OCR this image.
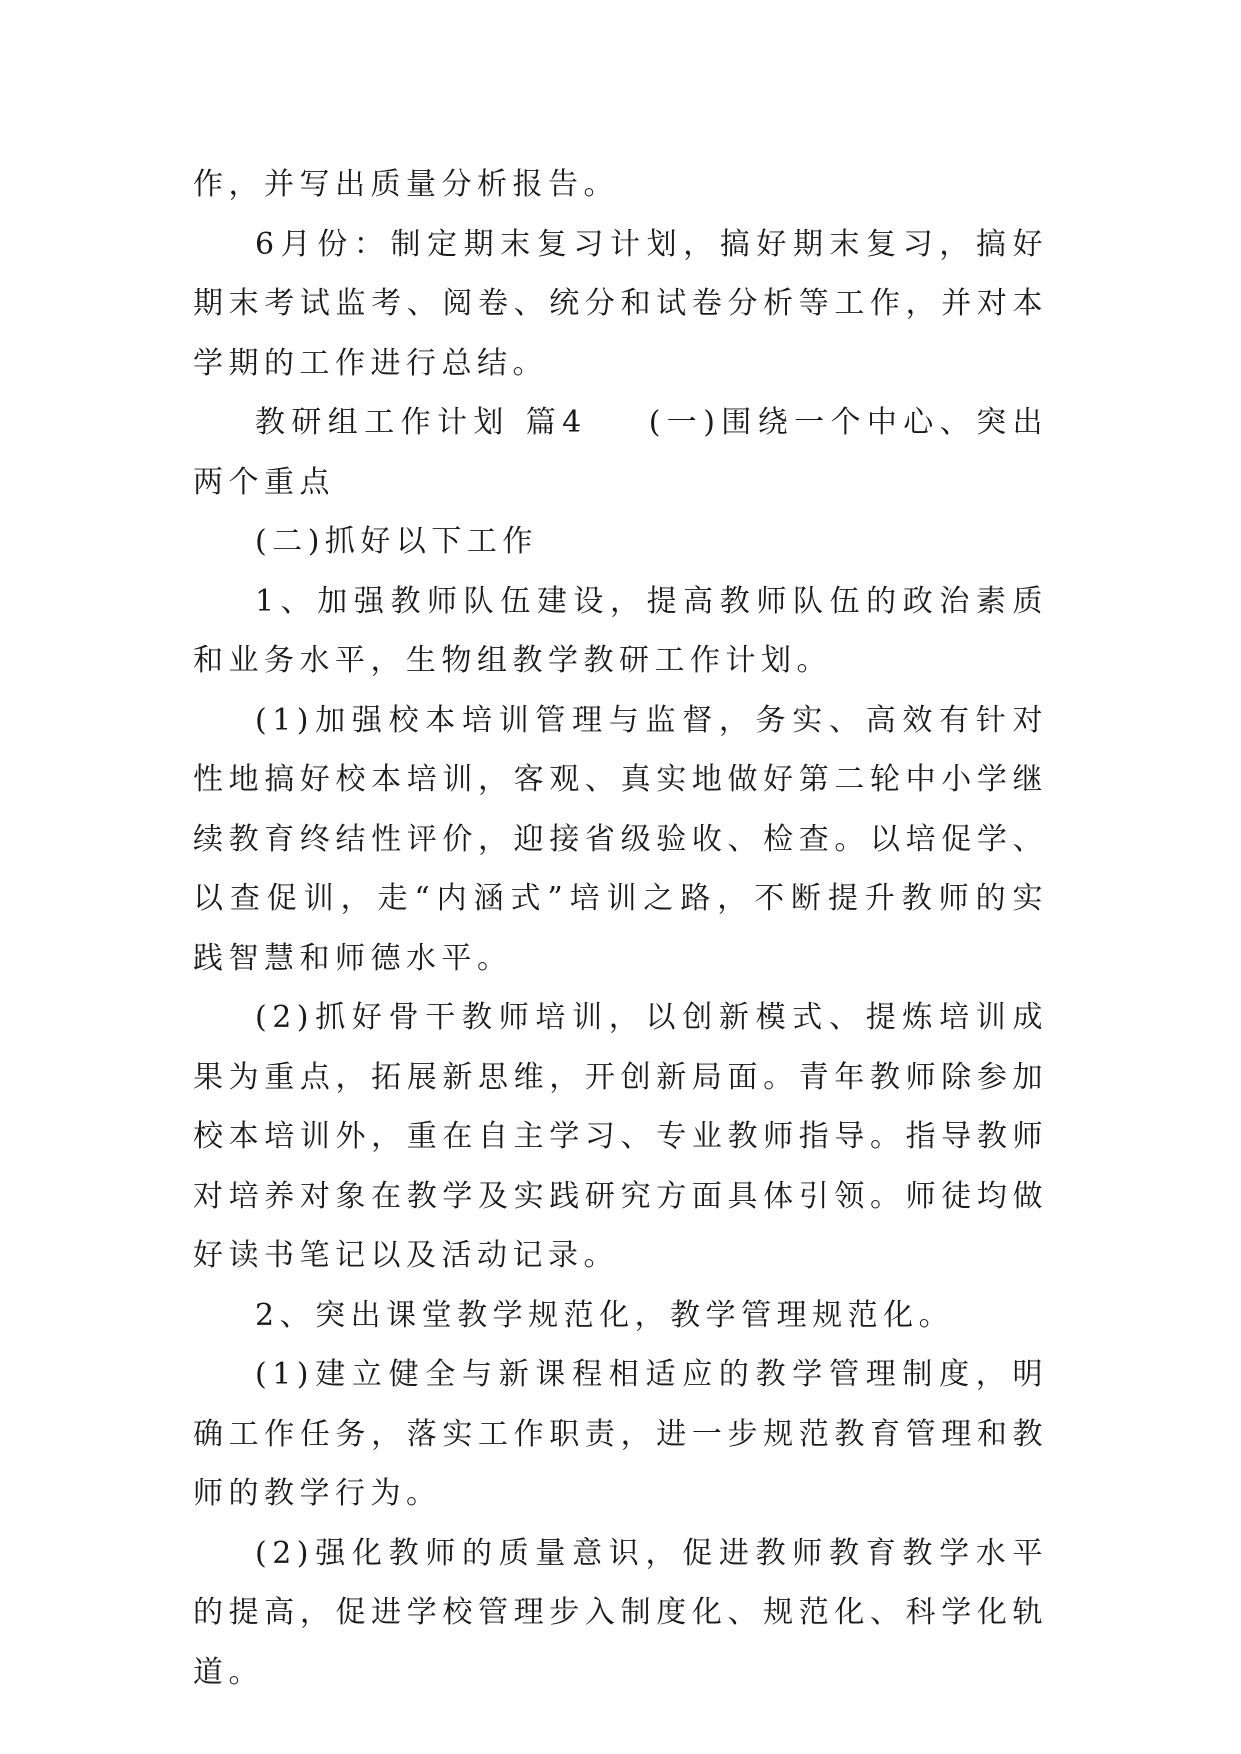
作，并写出质量分析报告。

6月份：制定期末复习计划，搞好期末复习，搞好期末考试监考、阅卷、统分和试卷分析等工作，并对本学期的工作进行总结。

教研组工作计划 篇4 (一)围绕一个中心、突出两个重点

(二)抓好以下工作

1、加强教师队伍建设，提高教师队伍的政治素质和业务水平，生物组教学教研工作计划。

(1)加强校本培训管理与监督，务实、高效有针对性地搞好校本培训，客观、真实地做好第二轮中小学继续教育终结性评价，迎接省级验收、检查。以培促学、以查促训，走“内涵式”培训之路，不断提升教师的实践智慧和师德水平。

(2)抓好骨干教师培训，以创新模式、提炼培训成果为重点，拓展新思维，开创新局面。青年教师除参加校本培训外，重在自主学习、专业教师指导。指导教师对培养对象在教学及实践研究方面具体引领。师徒均做好读书笔记以及活动记录。

2、突出课堂教学规范化，教学管理规范化。

(1)建立健全与新课程相适应的教学管理制度，明确工作任务，落实工作职责，进一步规范教育管理和教师的教学行为。

(2)强化教师的质量意识，促进教师教育教学水平的提高，促进学校管理步入制度化、规范化、科学化轨道。
